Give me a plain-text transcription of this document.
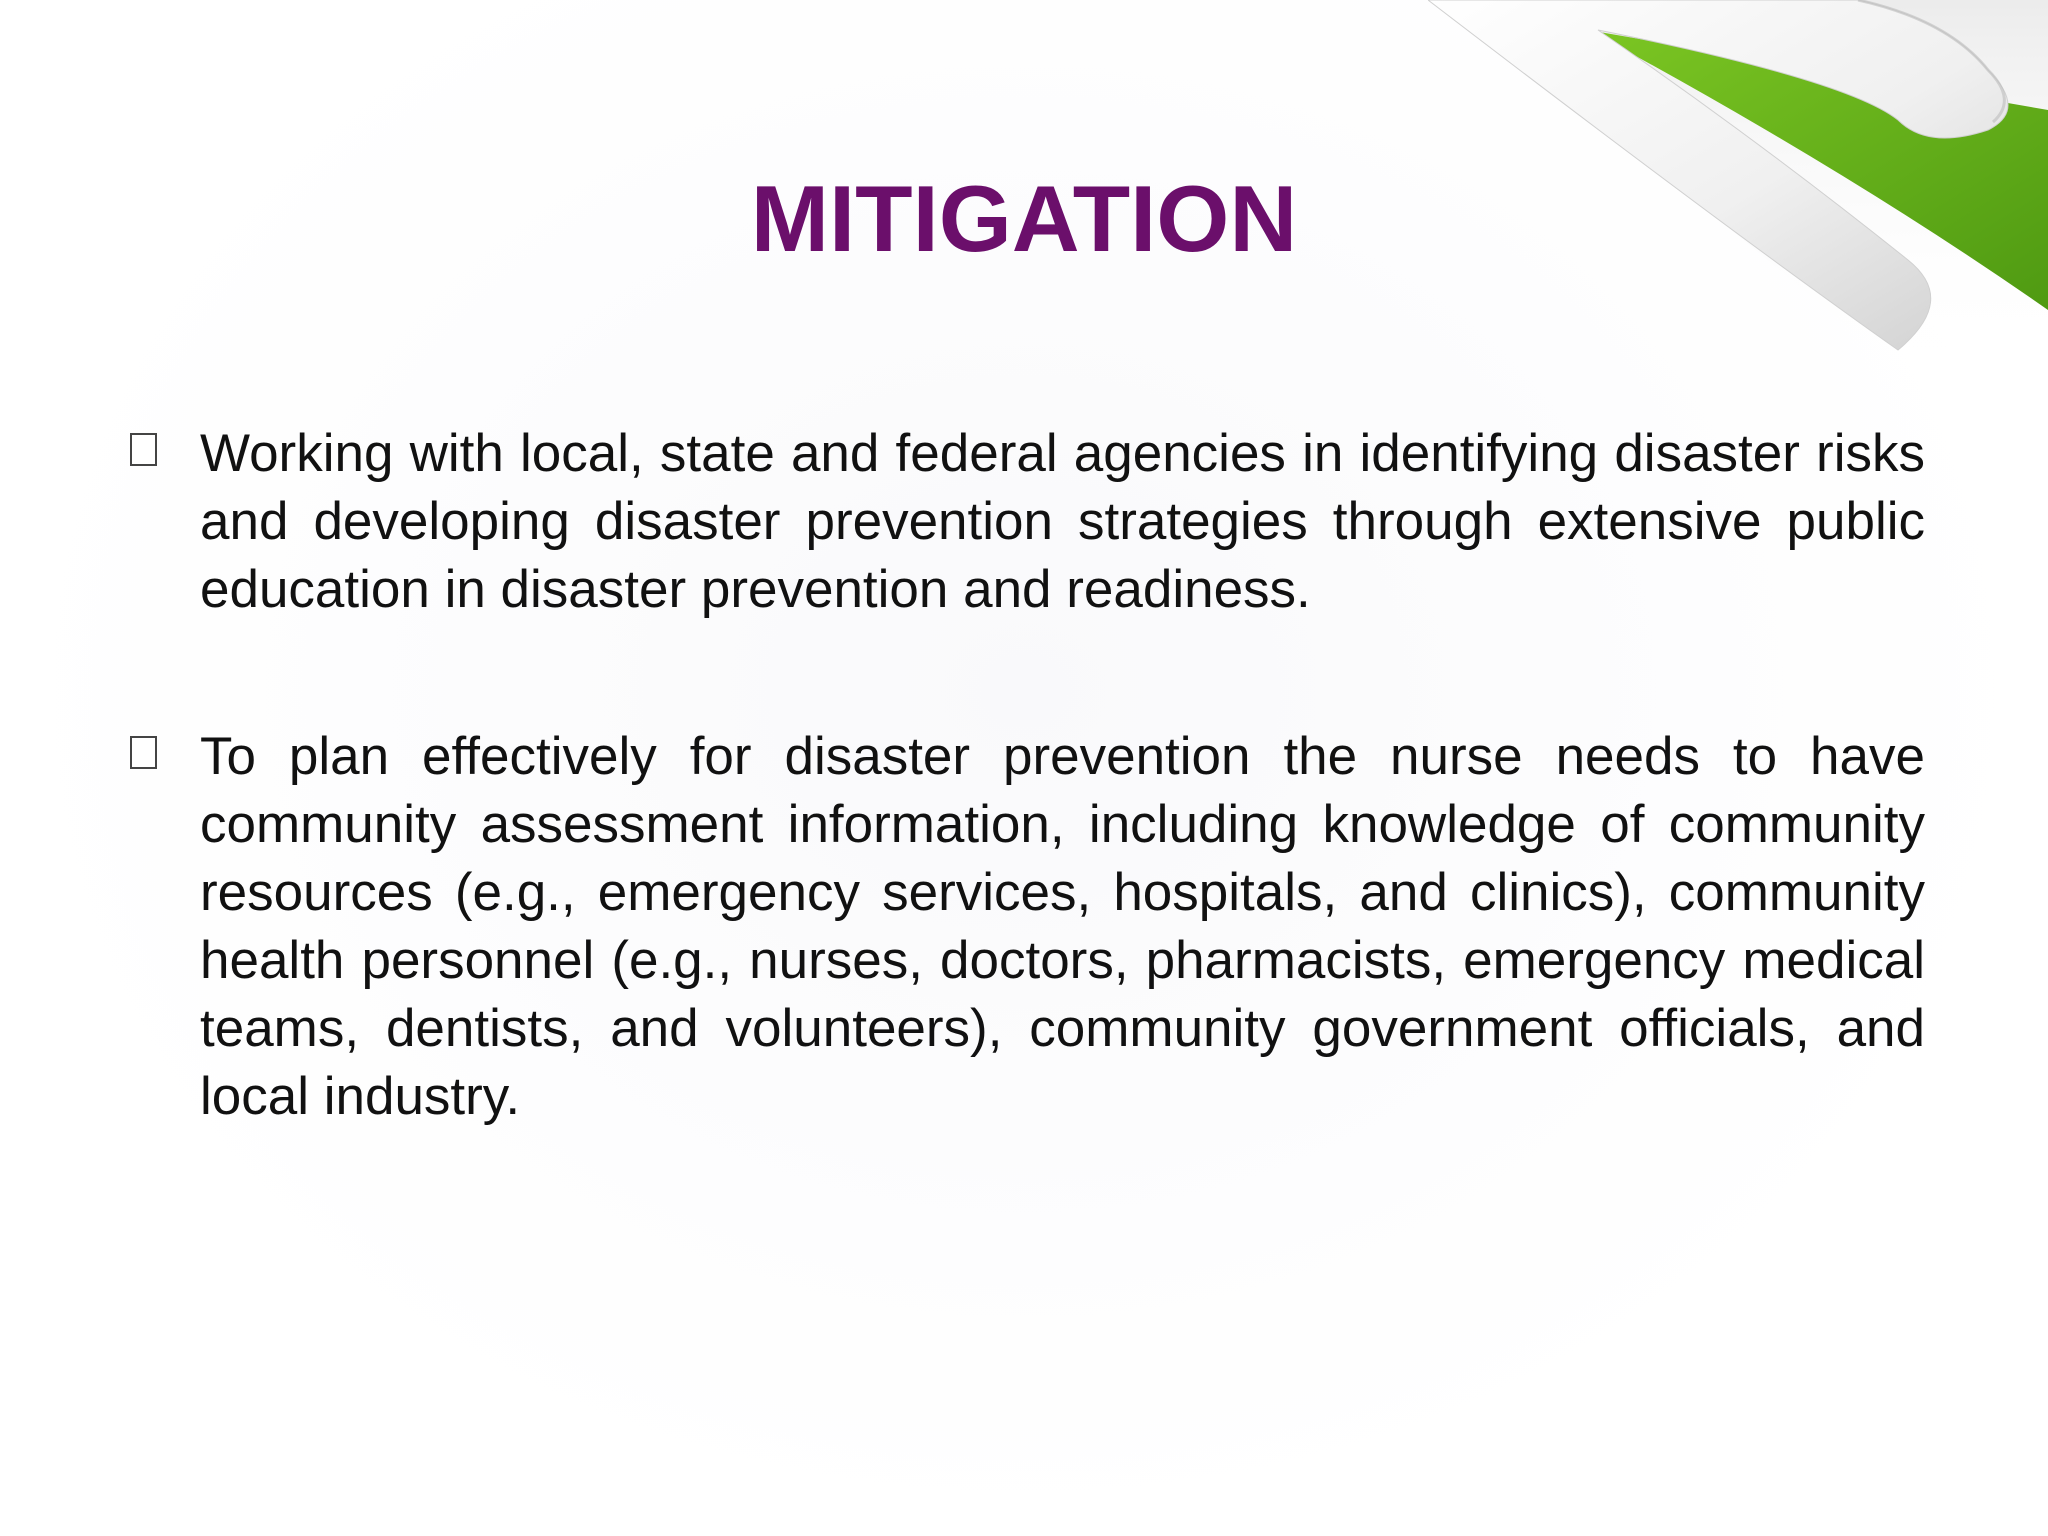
MITIGATION
Working with local, state and federal agencies in identifying disaster risks and developing disaster prevention strategies through extensive public education in disaster prevention and readiness.
To plan effectively for disaster prevention the nurse needs to have community assessment information, including knowledge of community resources (e.g., emergency services, hospitals, and clinics), community health personnel (e.g., nurses, doctors, pharmacists, emergency medical teams, dentists, and volunteers), community government officials, and local industry.
